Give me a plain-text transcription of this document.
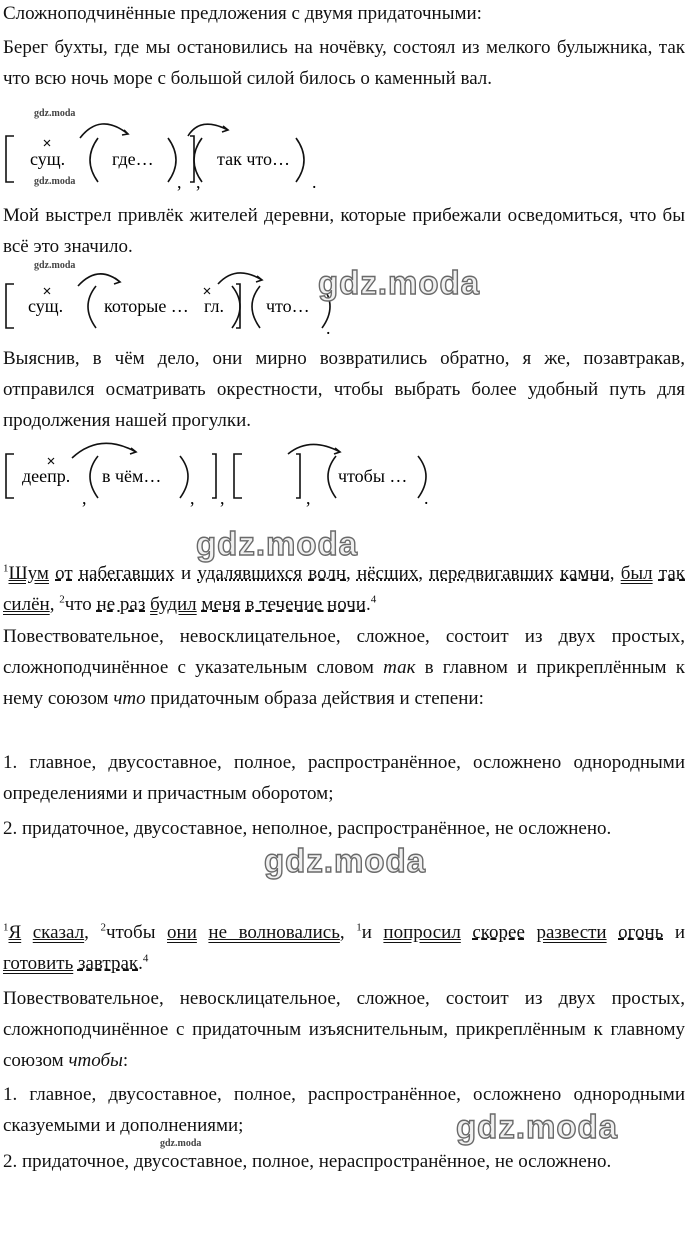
Сложноподчинённые предложения с двумя придаточными:

Берег бухты, где мы остановились на ночёвку, состоял из мелкого булыжника, так что всю ночь море с большой силой билось о каменный вал.

сущ.	где…
, ,
так что…
.
gdz.moda
gdz.moda

Мой выстрел привлёк жителей деревни, которые прибежали осведомиться, что бы всё это значило.

сущ. которые … гл. что…
.
gdz.moda	gdz.moda

Выяснив, в чём дело, они мирно возвратились обратно, я же, позавтракав, отправился осматривать окрестности, чтобы выбрать более удобный путь для продолжения нашей прогулки.

деепр. в чём…
,	, ,	,
чтобы …
.
gdz.moda

$^1$Шум от набегавших и удалявшихся волн, нёсших, передвигавших камни, был так силён, $^2$что не раз будил меня в течение ночи.$^4$

Повествовательное, невосклицательное, сложное, состоит из двух простых, сложноподчинённое с указательным словом так в главном и прикреплённым к нему союзом что придаточным образа действия и степени:

1. главное, двусоставное, полное, распространённое, осложнено однородными определениями и причастным оборотом;

2. придаточное, двусоставное, неполное, распространённое, не осложнено.

gdz.moda

$^1$Я сказал, $^2$чтобы они не волновались, $^1$и попросил скорее развести огонь и готовить завтрак.$^4$

Повествовательное, невосклицательное, сложное, состоит из двух простых, сложноподчинённое с придаточным изъяснительным, прикреплённым к главному союзом чтобы:

1. главное, двусоставное, полное, распространённое, осложнено однородными сказуемыми и дополнениями;	gdz.moda
gdz.moda

2. придаточное, двусоставное, полное, нераспространённое, не осложнено.
